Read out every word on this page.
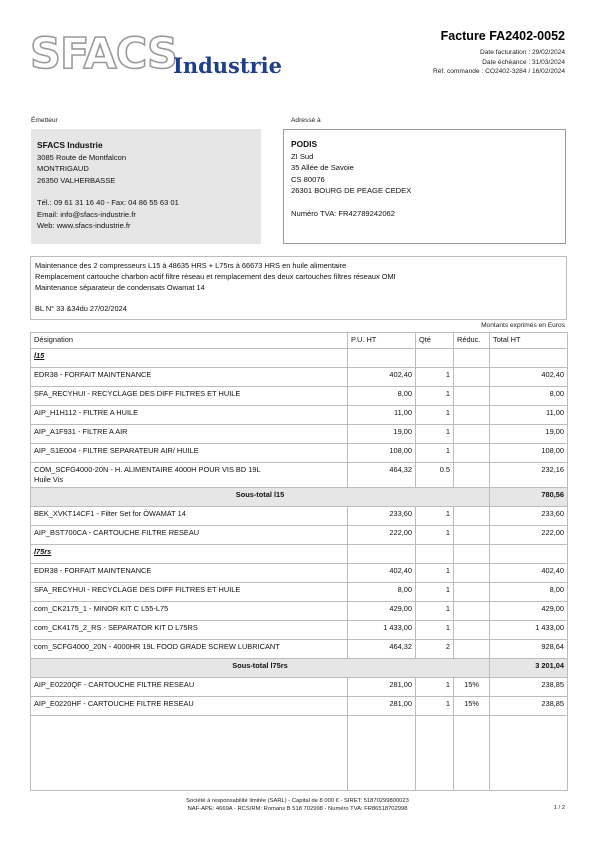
SFACS
Industrie
Facture FA2402-0052
Date facturation : 29/02/2024
Date échéance : 31/03/2024
Réf. commande : CO2402-3284 / 16/02/2024
Émetteur	Adressé à
SFACS Industrie
3085 Route de Montfalcon
MONTRIGAUD
26350 VALHERBASSE
Tél.: 09 61 31 16 40 - Fax: 04 86 55 63 01
Email: info@sfacs-industrie.fr
Web: www.sfacs-industrie.fr
PODIS
ZI Sud
35 Allée de Savoie
CS 80076
26301 BOURG DE PEAGE CEDEX
Numéro TVA: FR42789242062
Maintenance des 2 compresseurs L15 à 48635 HRS + L75rs à 66673 HRS en huile alimentaire
Remplacement cartouche charbon actif filtre réseau et remplacement des deux cartouches filtres réseaux OMI
Maintenance séparateur de condensats Owamat 14
BL N° 33 &34du 27/02/2024
Montants exprimés en Euros
Désignation	P.U. HT	Qté	Réduc.	Total HT
l15				
EDR38 - FORFAIT MAINTENANCE	402,40	1		402,40
SFA_RECYHUI - RECYCLAGE DES DIFF FILTRES ET HUILE	8,00	1		8,00
AIP_H1H112 - FILTRE A HUILE	11,00	1		11,00
AIP_A1F931 - FILTRE A AIR	19,00	1		19,00
AIP_S1E004 - FILTRE SEPARATEUR AIR/ HUILE	108,00	1		108,00

COM_SCFG4000-20N - H. ALIMENTAIRE 4000H POUR VIS BD 19L
Huile Vis	464,32	0.5		232,16
Sous-total l15				780,56
BEK_XVKT14CF1 - Filter Set for ÖWAMAT 14	233,60	1		233,60
AIP_BST700CA - CARTOUCHE FILTRE RESEAU	222,00	1		222,00
l75rs				
EDR38 - FORFAIT MAINTENANCE	402,40	1		402,40
SFA_RECYHUI - RECYCLAGE DES DIFF FILTRES ET HUILE	8,00	1		8,00
com_CK2175_1 - MINOR KIT C L55-L75	429,00	1		429,00
com_CK4175_2_RS - SEPARATOR KIT D L75RS	1 433,00	1		1 433,00
com_SCFG4000_20N - 4000HR 19L FOOD GRADE SCREW LUBRICANT	464,32	2		928,64
Sous-total l75rs				3 201,04
AIP_E0220QF - CARTOUCHE FILTRE RESEAU	281,00	1	15%	238,85
AIP_E0220HF - CARTOUCHE FILTRE RESEAU	281,00	1	15%	238,85

Société à responsabilité limitée (SARL) - Capital de 8 000 € - SIRET: 51870299800023
NAF-APE: 4669A - RCS/RM: Romans B 518 702998 - Numéro TVA: FR86518702998	1 / 2
